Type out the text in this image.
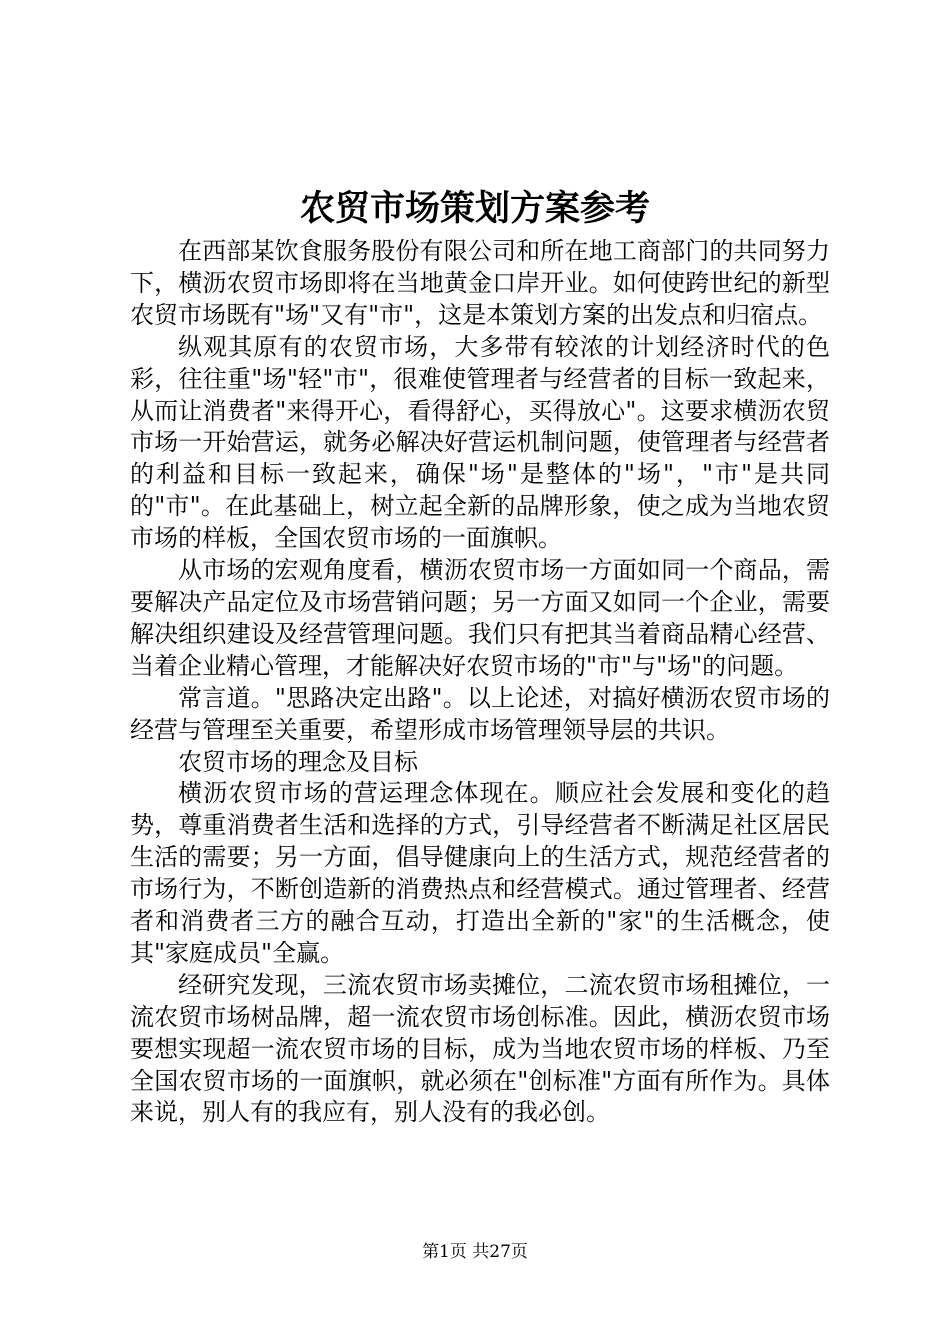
农贸市场策划方案参考

在西部某饮食服务股份有限公司和所在地工商部门的共同努力下，横沥农贸市场即将在当地黄金口岸开业。如何使跨世纪的新型农贸市场既有"场"又有"市"，这是本策划方案的出发点和归宿点。

纵观其原有的农贸市场，大多带有较浓的计划经济时代的色彩，往往重"场"轻"市"，很难使管理者与经营者的目标一致起来，从而让消费者"来得开心，看得舒心，买得放心"。这要求横沥农贸市场一开始营运，就务必解决好营运机制问题，使管理者与经营者的利益和目标一致起来，确保"场"是整体的"场"，"市"是共同的"市"。在此基础上，树立起全新的品牌形象，使之成为当地农贸市场的样板，全国农贸市场的一面旗帜。

从市场的宏观角度看，横沥农贸市场一方面如同一个商品，需要解决产品定位及市场营销问题；另一方面又如同一个企业，需要解决组织建设及经营管理问题。我们只有把其当着商品精心经营、当着企业精心管理，才能解决好农贸市场的"市"与"场"的问题。

常言道。"思路决定出路"。以上论述，对搞好横沥农贸市场的经营与管理至关重要，希望形成市场管理领导层的共识。

农贸市场的理念及目标

横沥农贸市场的营运理念体现在。顺应社会发展和变化的趋势，尊重消费者生活和选择的方式，引导经营者不断满足社区居民生活的需要；另一方面，倡导健康向上的生活方式，规范经营者的市场行为，不断创造新的消费热点和经营模式。通过管理者、经营者和消费者三方的融合互动，打造出全新的"家"的生活概念，使其"家庭成员"全赢。

经研究发现，三流农贸市场卖摊位，二流农贸市场租摊位，一流农贸市场树品牌，超一流农贸市场创标准。因此，横沥农贸市场要想实现超一流农贸市场的目标，成为当地农贸市场的样板、乃至全国农贸市场的一面旗帜，就必须在"创标准"方面有所作为。具体来说，别人有的我应有，别人没有的我必创。

第1页 共27页
